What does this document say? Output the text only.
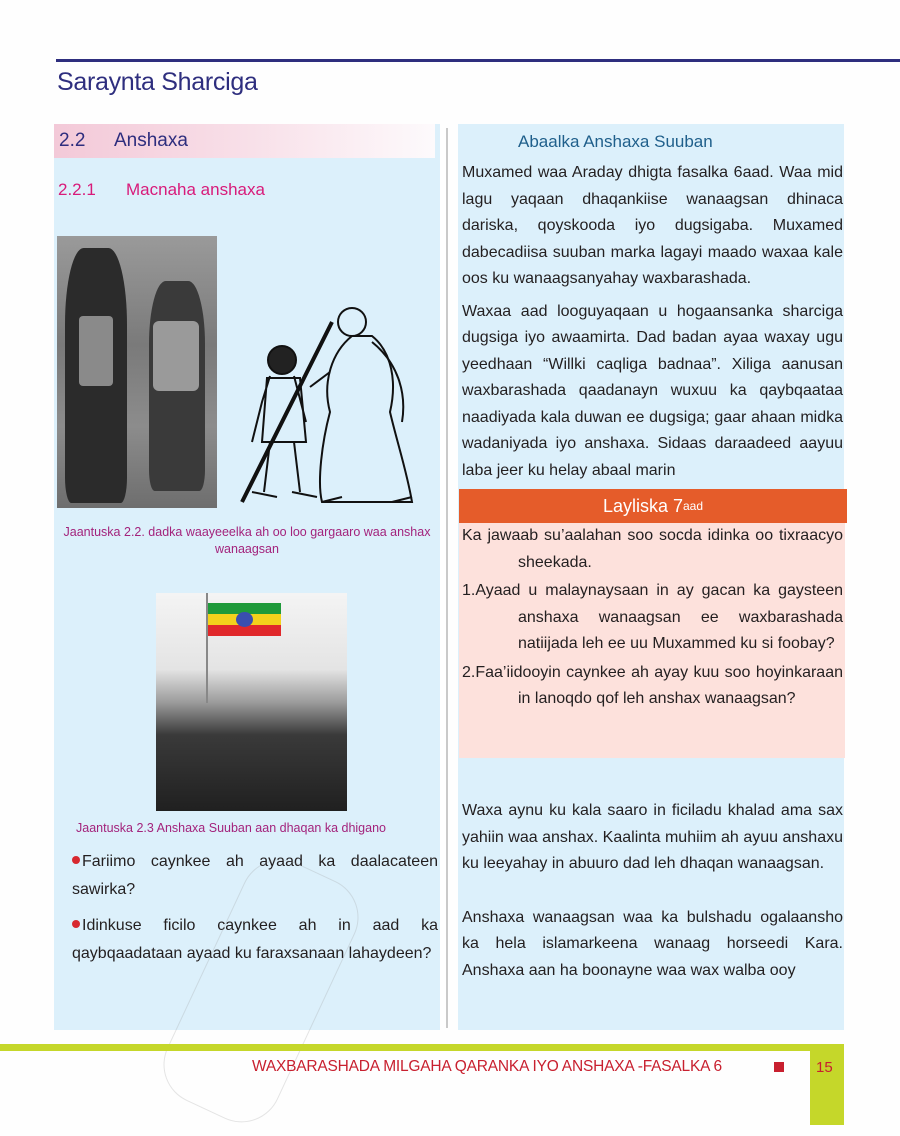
Saraynta Sharciga
2.2	Anshaxa
2.2.1	Macnaha anshaxa
Jaantuska 2.2. dadka waayeeelka ah oo loo gargaaro waa anshax wanaagsan
Jaantuska 2.3 Anshaxa Suuban aan dhaqan ka dhigano
Fariimo caynkee ah ayaad ka daalacateen sawirka?
Idinkuse ficilo caynkee ah in aad ka qaybqaadataan ayaad ku faraxsanaan lahaydeen?
Abaalka Anshaxa Suuban

Muxamed waa Araday dhigta fasalka 6aad. Waa mid lagu yaqaan dhaqankiise wanaagsan dhinaca dariska, qoyskooda iyo dugsigaba. Muxamed dabecadiisa suuban marka lagayi maado waxaa kale oos ku wanaagsanyahay waxbarashada.

Waxaa aad looguyaqaan u hogaansanka sharciga dugsiga iyo awaamirta. Dad badan ayaa waxay ugu yeedhaan “Willki caqliga badnaa”. Xiliga aanusan waxbarashada qaadanayn wuxuu ka qaybqaataa naadiyada kala duwan ee dugsiga; gaar ahaan midka wadaniyada iyo anshaxa. Sidaas daraadeed aayuu laba jeer ku helay abaal marin

Layliska 7 aad

Ka jawaab su’aalahan soo socda idinka oo tixraacyo sheekada.

1.Ayaad u malaynaysaan in ay gacan ka gaysteen anshaxa wanaagsan ee waxbarashada natiijada leh ee uu Muxammed ku si foobay?

2.Faa’iidooyin caynkee ah ayay kuu soo hoyinkaraan in lanoqdo qof leh anshax wanaagsan?

Waxa aynu ku kala saaro in ficiladu khalad ama sax yahiin waa anshax. Kaalinta muhiim ah ayuu anshaxu ku leeyahay in abuuro dad leh dhaqan wanaagsan.

Anshaxa wanaagsan waa ka bulshadu ogalaansho ka hela islamarkeena wanaag horseedi Kara. Anshaxa aan ha boonayne waa wax walba ooy

WAXBARASHADA MILGAHA QARANKA IYO ANSHAXA -FASALKA 6	15
